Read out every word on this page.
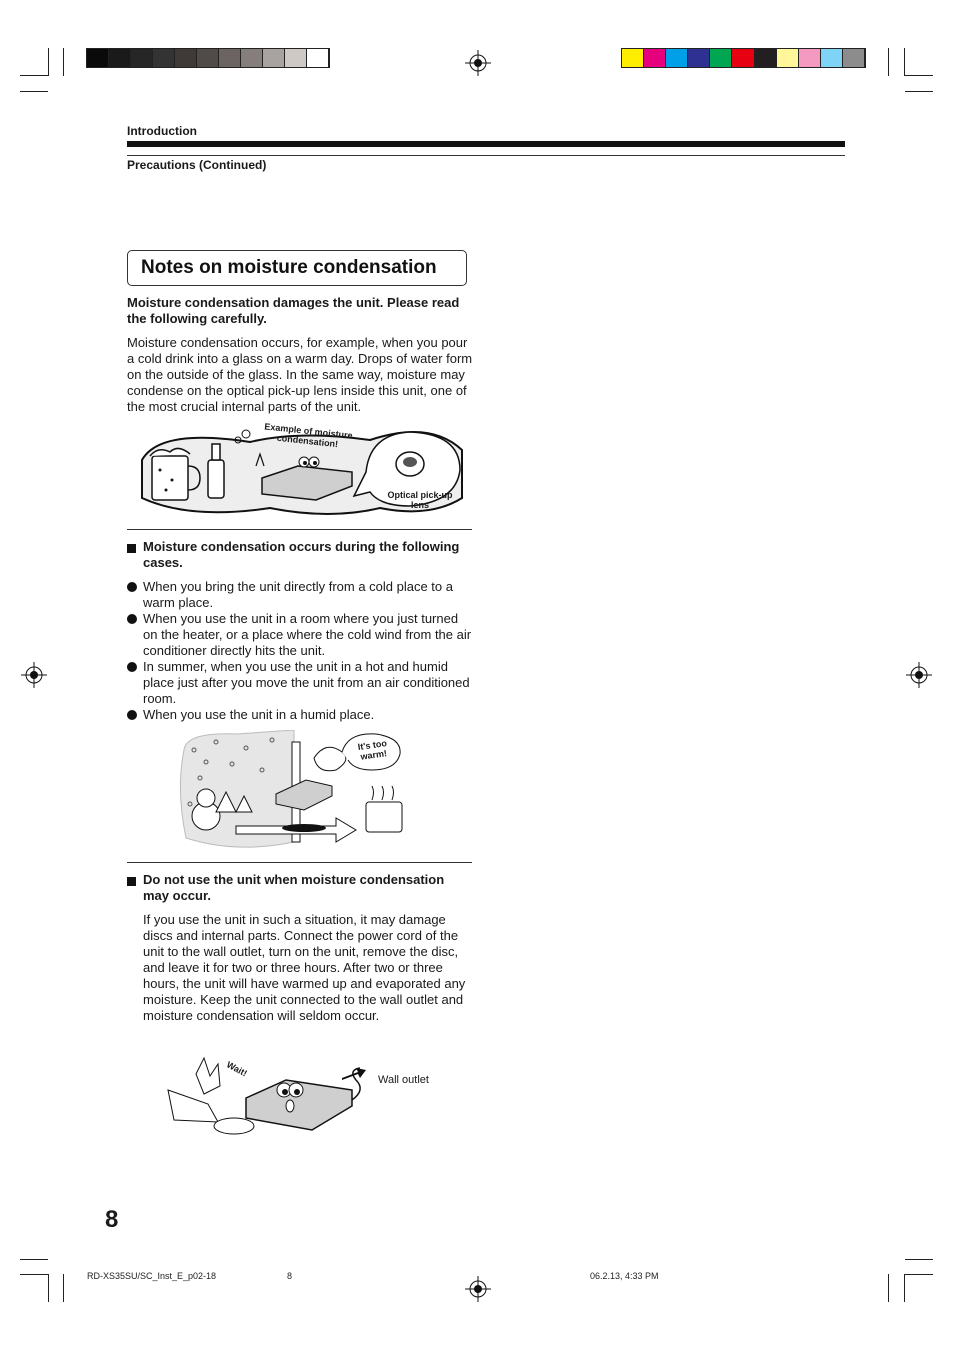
Introduction
Precautions (Continued)
Notes on moisture condensation
Moisture condensation damages the unit. Please read the following carefully.
Moisture condensation occurs, for example, when you pour a cold drink into a glass on a warm day. Drops of water form on the outside of the glass. In the same way, moisture may condense on the optical pick-up lens inside this unit, one of the most crucial internal parts of the unit.
Example of moisture condensation!
Optical pick-up lens
Moisture condensation occurs during the following cases.
When you bring the unit directly from a cold place to a warm place.
When you use the unit in a room where you just turned on the heater, or a place where the cold wind from the air conditioner directly hits the unit.
In summer, when you use the unit in a hot and humid place just after you move the unit from an air conditioned room.
When you use the unit in a humid place.
It's too warm!
Do not use the unit when moisture condensation may occur.
If you use the unit in such a situation, it may damage discs and internal parts. Connect the power cord of the unit to the wall outlet, turn on the unit, remove the disc, and leave it for two or three hours. After two or three hours, the unit will have warmed up and evaporated any moisture. Keep the unit connected to the wall outlet and moisture condensation will seldom occur.
Wait!
Wall outlet
8
RD-XS35SU/SC_Inst_E_p02-18	8	06.2.13, 4:33 PM
